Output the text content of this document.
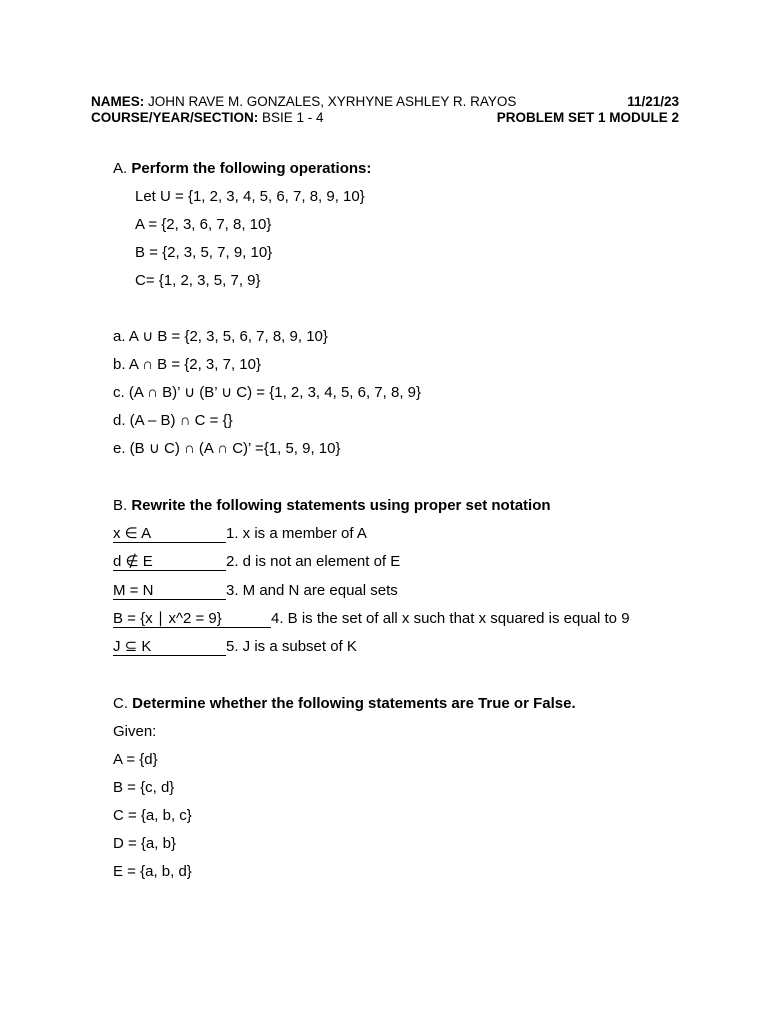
NAMES: JOHN RAVE M. GONZALES, XYRHYNE ASHLEY R. RAYOS	11/21/23
COURSE/YEAR/SECTION: BSIE 1 - 4	PROBLEM SET 1 MODULE 2
A. Perform the following operations:
Let U = {1, 2, 3, 4, 5, 6, 7, 8, 9, 10}
A = {2, 3, 6, 7, 8, 10}
B = {2, 3, 5, 7, 9, 10}
C= {1, 2, 3, 5, 7, 9}
a. A ∪ B = {2, 3, 5, 6, 7, 8, 9, 10}
b. A ∩ B = {2, 3, 7, 10}
c. (A ∩ B)’ ∪ (B’ ∪ C) = {1, 2, 3, 4, 5, 6, 7, 8, 9}
d. (A – B) ∩ C = {}
e. (B ∪ C) ∩ (A ∩ C)’ ={1, 5, 9, 10}
B. Rewrite the following statements using proper set notation
x ∈ A	1. x is a member of A
d ∉ E	2. d is not an element of E
M = N	3. M and N are equal sets
B = {x ∣ x^2 = 9}	4. B is the set of all x such that x squared is equal to 9
J ⊆ K	5. J is a subset of K
C. Determine whether the following statements are True or False.
Given:
A = {d}
B = {c, d}
C = {a, b, c}
D = {a, b}
E = {a, b, d}
